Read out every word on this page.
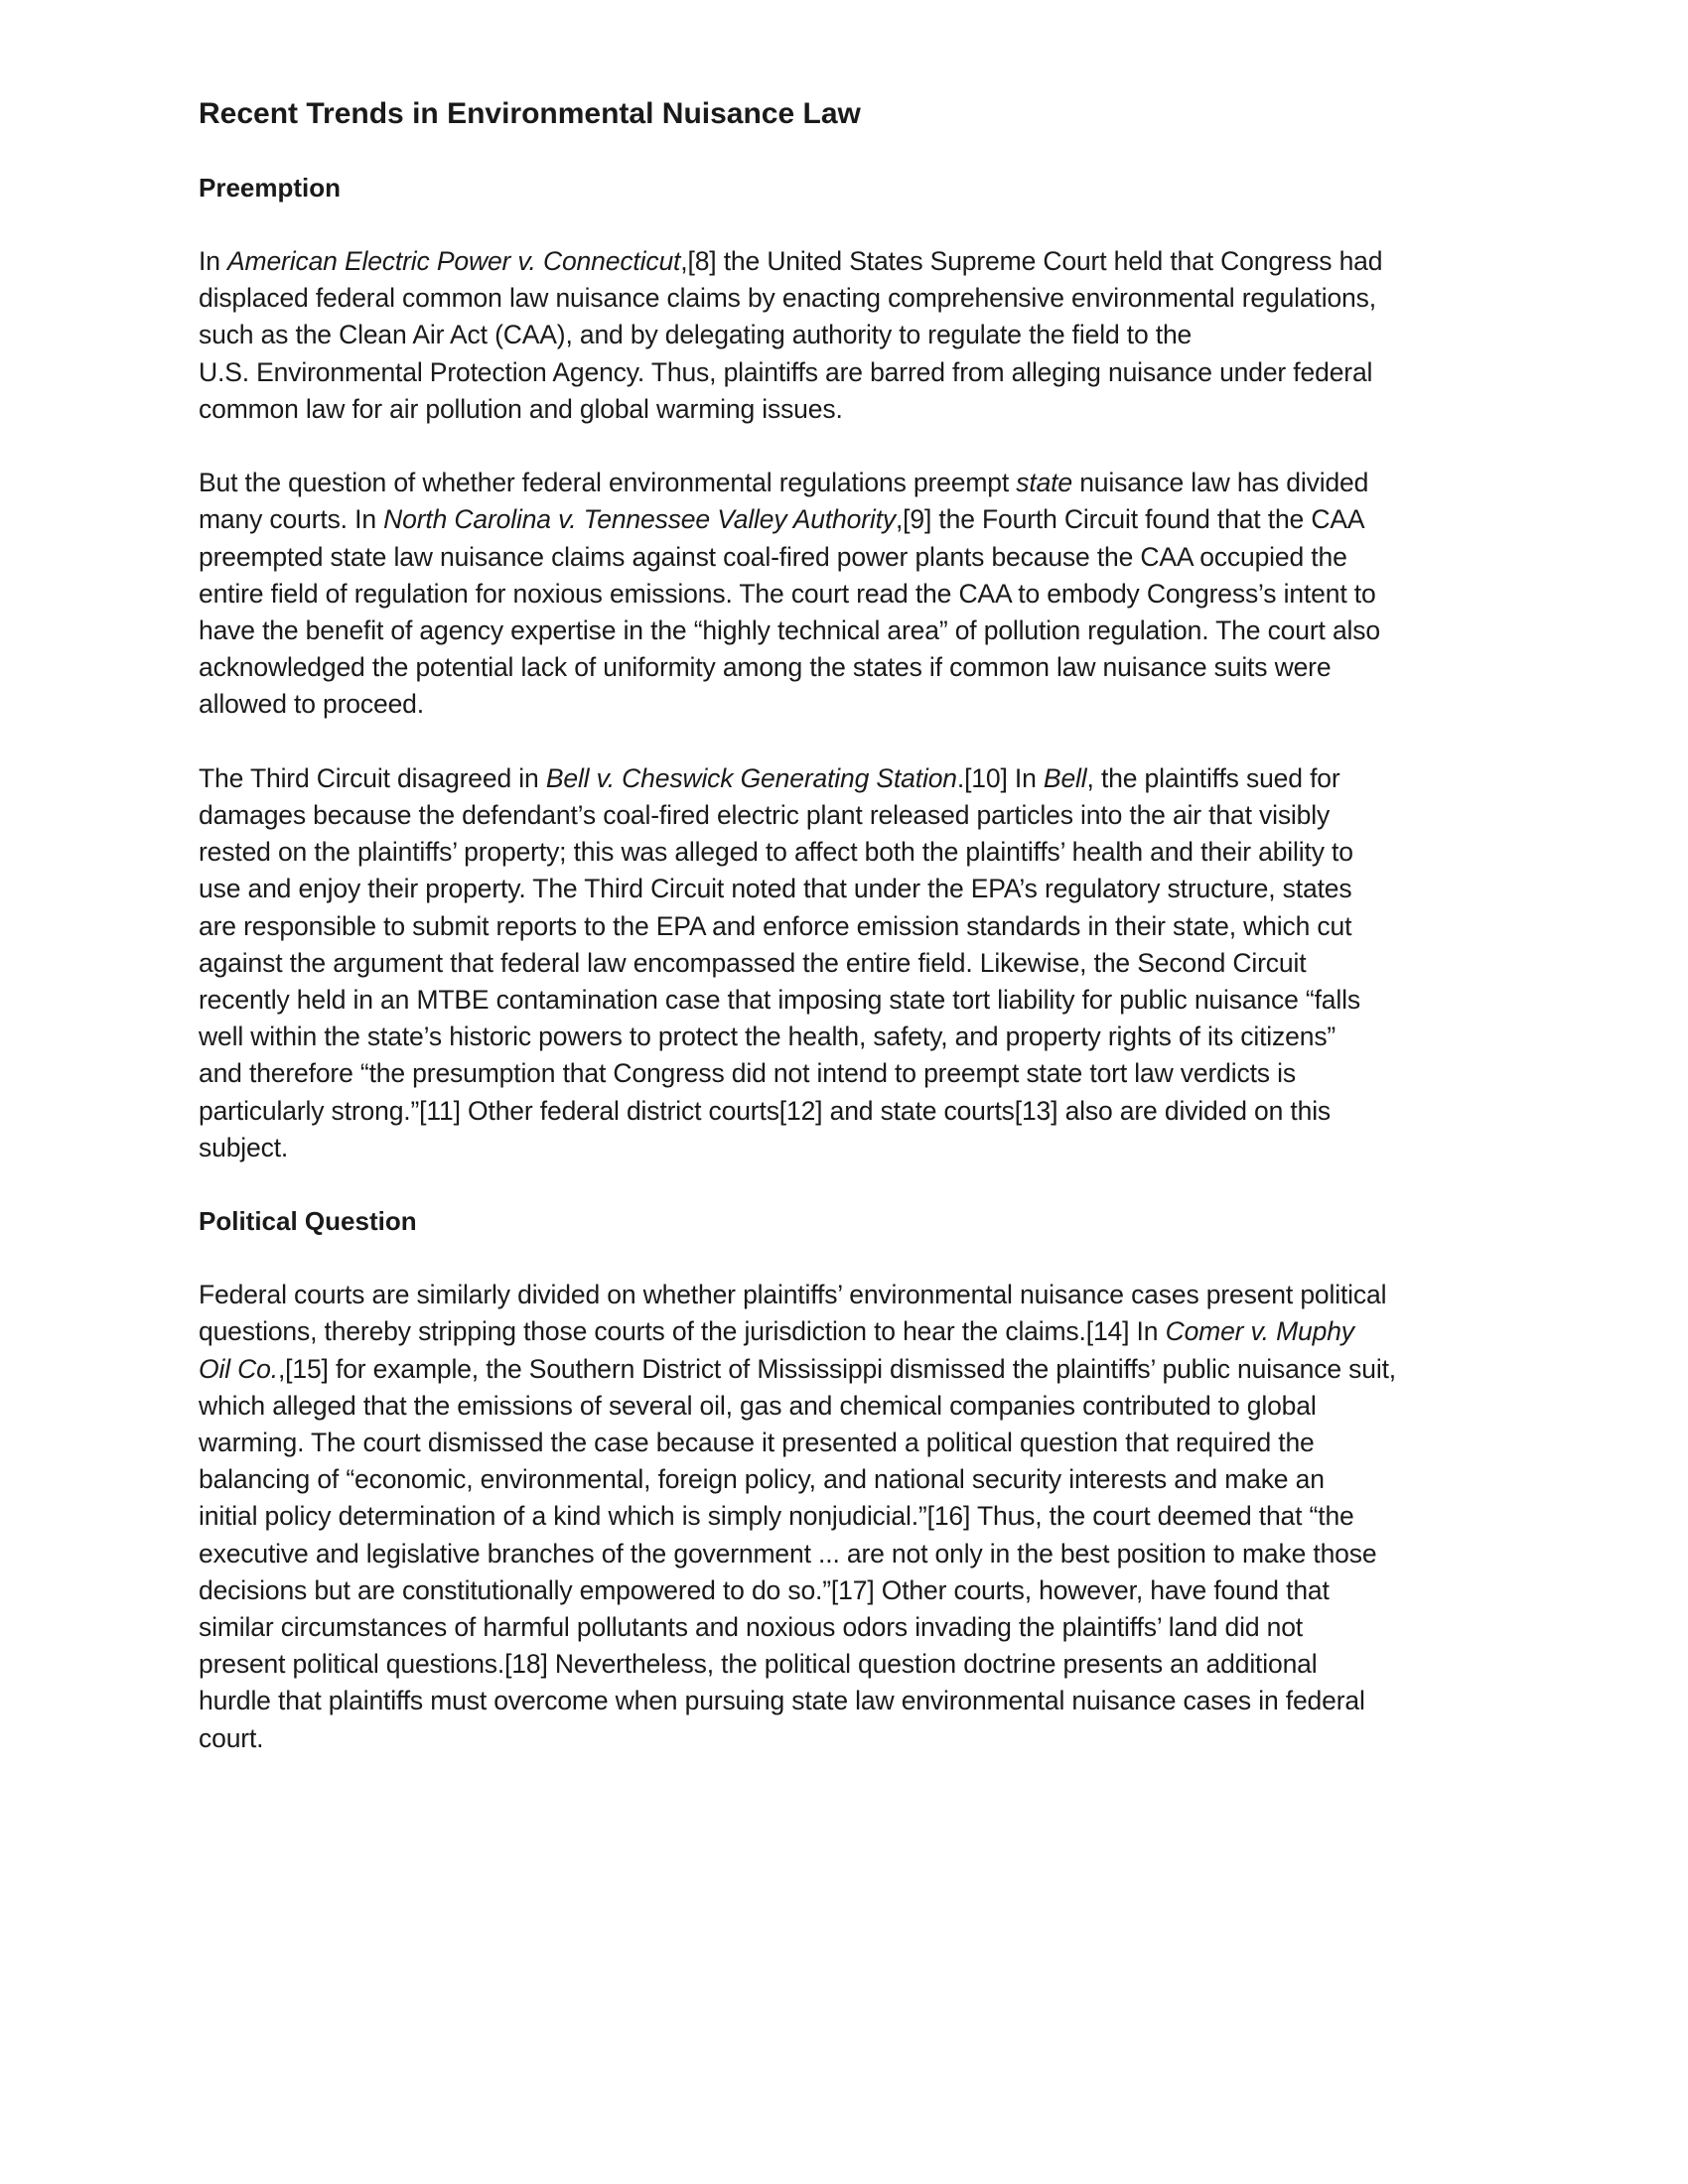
Recent Trends in Environmental Nuisance Law
Preemption

In American Electric Power v. Connecticut,[8] the United States Supreme Court held that Congress had
displaced federal common law nuisance claims by enacting comprehensive environmental regulations,
such as the Clean Air Act (CAA), and by delegating authority to regulate the field to the
U.S. Environmental Protection Agency. Thus, plaintiffs are barred from alleging nuisance under federal
common law for air pollution and global warming issues.

But the question of whether federal environmental regulations preempt state nuisance law has divided
many courts. In North Carolina v. Tennessee Valley Authority,[9] the Fourth Circuit found that the CAA
preempted state law nuisance claims against coal-fired power plants because the CAA occupied the
entire field of regulation for noxious emissions. The court read the CAA to embody Congress’s intent to
have the benefit of agency expertise in the “highly technical area” of pollution regulation. The court also
acknowledged the potential lack of uniformity among the states if common law nuisance suits were
allowed to proceed.

The Third Circuit disagreed in Bell v. Cheswick Generating Station.[10] In Bell, the plaintiffs sued for
damages because the defendant’s coal-fired electric plant released particles into the air that visibly
rested on the plaintiffs’ property; this was alleged to affect both the plaintiffs’ health and their ability to
use and enjoy their property. The Third Circuit noted that under the EPA’s regulatory structure, states
are responsible to submit reports to the EPA and enforce emission standards in their state, which cut
against the argument that federal law encompassed the entire field. Likewise, the Second Circuit
recently held in an MTBE contamination case that imposing state tort liability for public nuisance “falls
well within the state’s historic powers to protect the health, safety, and property rights of its citizens”
and therefore “the presumption that Congress did not intend to preempt state tort law verdicts is
particularly strong.”[11] Other federal district courts[12] and state courts[13] also are divided on this
subject.

Political Question

Federal courts are similarly divided on whether plaintiffs’ environmental nuisance cases present political
questions, thereby stripping those courts of the jurisdiction to hear the claims.[14] In Comer v. Muphy
Oil Co.,[15] for example, the Southern District of Mississippi dismissed the plaintiffs’ public nuisance suit,
which alleged that the emissions of several oil, gas and chemical companies contributed to global
warming. The court dismissed the case because it presented a political question that required the
balancing of “economic, environmental, foreign policy, and national security interests and make an
initial policy determination of a kind which is simply nonjudicial.”[16] Thus, the court deemed that “the
executive and legislative branches of the government ... are not only in the best position to make those
decisions but are constitutionally empowered to do so.”[17] Other courts, however, have found that
similar circumstances of harmful pollutants and noxious odors invading the plaintiffs’ land did not
present political questions.[18] Nevertheless, the political question doctrine presents an additional
hurdle that plaintiffs must overcome when pursuing state law environmental nuisance cases in federal
court.
